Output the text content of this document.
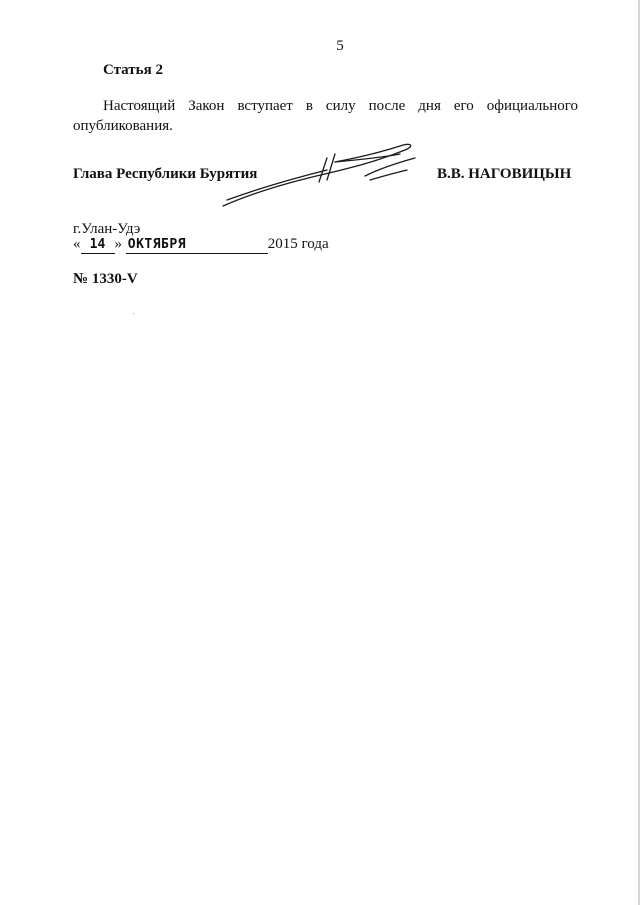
5
Статья 2
Настоящий Закон вступает в силу после дня его официального опубликования.
Глава Республики Бурятия	В.В. НАГОВИЦЫН
г.Улан-Удэ
« 14 » ОКТЯБРЯ	2015 года
№ 1330-V
